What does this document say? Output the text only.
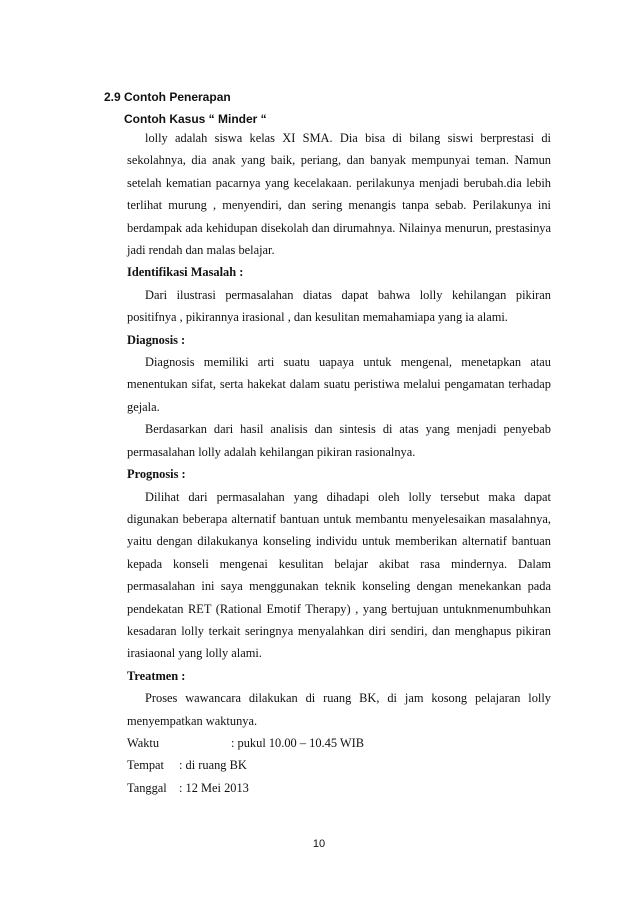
2.9 Contoh Penerapan
Contoh Kasus “ Minder “

lolly adalah siswa kelas XI SMA. Dia bisa di bilang siswi berprestasi di sekolahnya, dia anak yang baik, periang, dan banyak mempunyai teman. Namun setelah kematian pacarnya yang kecelakaan. perilakunya menjadi berubah.dia lebih terlihat murung , menyendiri, dan sering menangis tanpa sebab. Perilakunya ini berdampak ada kehidupan disekolah dan dirumahnya. Nilainya menurun, prestasinya jadi rendah dan malas belajar.

Identifikasi Masalah :

Dari ilustrasi permasalahan diatas dapat bahwa lolly kehilangan pikiran positifnya , pikirannya irasional , dan kesulitan memahamiapa yang ia alami.

Diagnosis :

Diagnosis memiliki arti suatu uapaya untuk mengenal, menetapkan atau menentukan sifat, serta hakekat dalam suatu peristiwa melalui pengamatan terhadap gejala.

Berdasarkan dari hasil analisis dan sintesis di atas yang menjadi penyebab permasalahan lolly adalah kehilangan pikiran rasionalnya.

Prognosis :

Dilihat dari permasalahan yang dihadapi oleh lolly tersebut maka dapat digunakan beberapa alternatif bantuan untuk membantu menyelesaikan masalahnya, yaitu dengan dilakukanya konseling individu untuk memberikan alternatif bantuan kepada konseli mengenai kesulitan belajar akibat rasa mindernya. Dalam permasalahan ini saya menggunakan teknik konseling dengan menekankan pada pendekatan RET (Rational Emotif Therapy) , yang bertujuan untuknmenumbuhkan kesadaran lolly terkait seringnya menyalahkan diri sendiri, dan menghapus pikiran irasiaonal yang lolly alami.

Treatmen :

Proses wawancara dilakukan di ruang BK, di jam kosong pelajaran lolly menyempatkan waktunya.

Waktu	: pukul 10.00 – 10.45 WIB
Tempat	: di ruang BK
Tanggal : 12 Mei 2013
10
